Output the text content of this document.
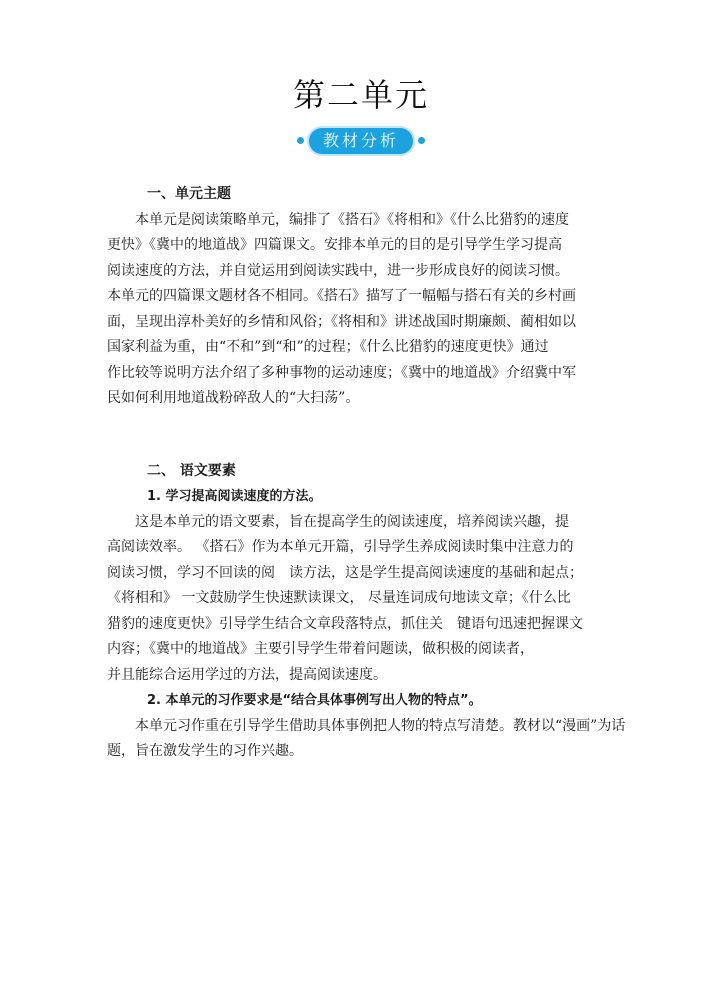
第二单元
教材分析

一、单元主题

本单元是阅读策略单元，编排了《搭石》《将相和》《什么比猎豹的速度

更快》《冀中的地道战》四篇课文。安排本单元的目的是引导学生学习提高

阅读速度的方法，并自觉运用到阅读实践中，进一步形成良好的阅读习惯。

本单元的四篇课文题材各不相同。《搭石》描写了一幅幅与搭石有关的乡村画

面，呈现出淳朴美好的乡情和风俗；《将相和》讲述战国时期廉颇、蔺相如以

国家利益为重，由“不和”到“和”的过程；《什么比猎豹的速度更快》通过

作比较等说明方法介绍了多种事物的运动速度；《冀中的地道战》介绍冀中军

民如何利用地道战粉碎敌人的“大扫荡”。

二、 语文要素

1. 学习提高阅读速度的方法。

这是本单元的语文要素，旨在提高学生的阅读速度，培养阅读兴趣，提

高阅读效率。 《搭石》作为本单元开篇，引导学生养成阅读时集中注意力的

阅读习惯，学习不回读的阅　读方法，这是学生提高阅读速度的基础和起点；

《将相和》 一文鼓励学生快速默读课文， 尽量连词成句地读文章；《什么比

猎豹的速度更快》引导学生结合文章段落特点，抓住关　键语句迅速把握课文

内容；《冀中的地道战》主要引导学生带着问题读，做积极的阅读者，

并且能综合运用学过的方法，提高阅读速度。

2. 本单元的习作要求是“结合具体事例写出人物的特点”。

本单元习作重在引导学生借助具体事例把人物的特点写清楚。教材以“漫画”为话

题，旨在激发学生的习作兴趣。
